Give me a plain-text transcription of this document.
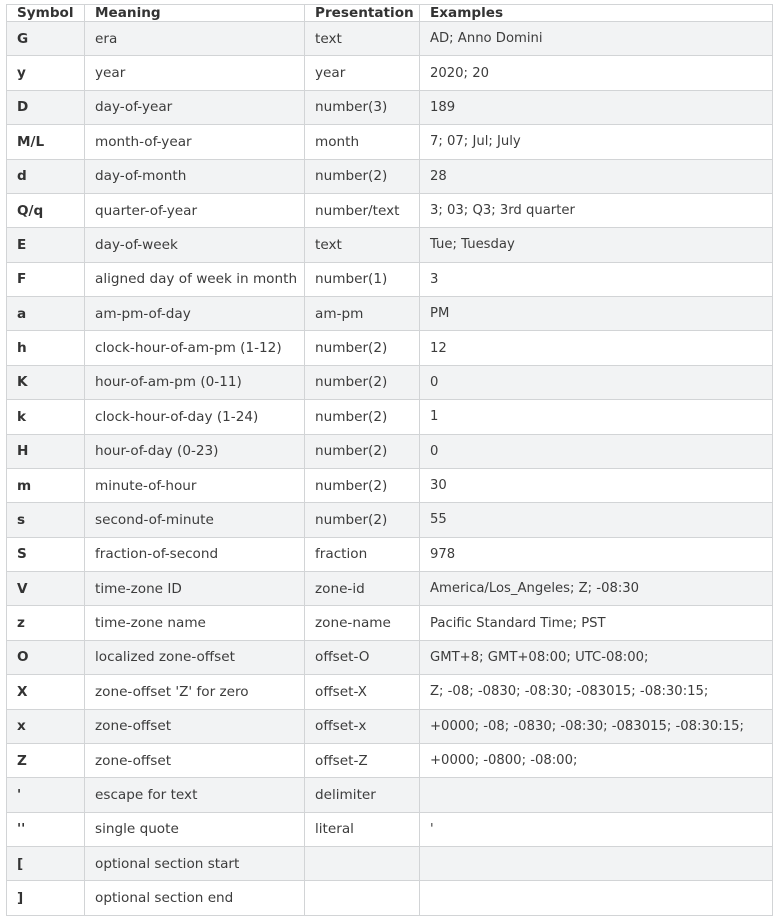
Symbol	Meaning	Presentation	Examples
G	era	text	AD; Anno Domini
y	year	year	2020; 20
D	day-of-year	number(3)	189
M/L	month-of-year	month	7; 07; Jul; July
d	day-of-month	number(2)	28
Q/q	quarter-of-year	number/text	3; 03; Q3; 3rd quarter
E	day-of-week	text	Tue; Tuesday
F	aligned day of week in month	number(1)	3
a	am-pm-of-day	am-pm	PM
h	clock-hour-of-am-pm (1-12)	number(2)	12
K	hour-of-am-pm (0-11)	number(2)	0
k	clock-hour-of-day (1-24)	number(2)	1
H	hour-of-day (0-23)	number(2)	0
m	minute-of-hour	number(2)	30
s	second-of-minute	number(2)	55
S	fraction-of-second	fraction	978
V	time-zone ID	zone-id	America/Los_Angeles; Z; -08:30
z	time-zone name	zone-name	Pacific Standard Time; PST
O	localized zone-offset	offset-O	GMT+8; GMT+08:00; UTC-08:00;
X	zone-offset 'Z' for zero	offset-X	Z; -08; -0830; -08:30; -083015; -08:30:15;
x	zone-offset	offset-x	+0000; -08; -0830; -08:30; -083015; -08:30:15;
Z	zone-offset	offset-Z	+0000; -0800; -08:00;
'	escape for text	delimiter	
''	single quote	literal	'
[	optional section start		
]	optional section end		
